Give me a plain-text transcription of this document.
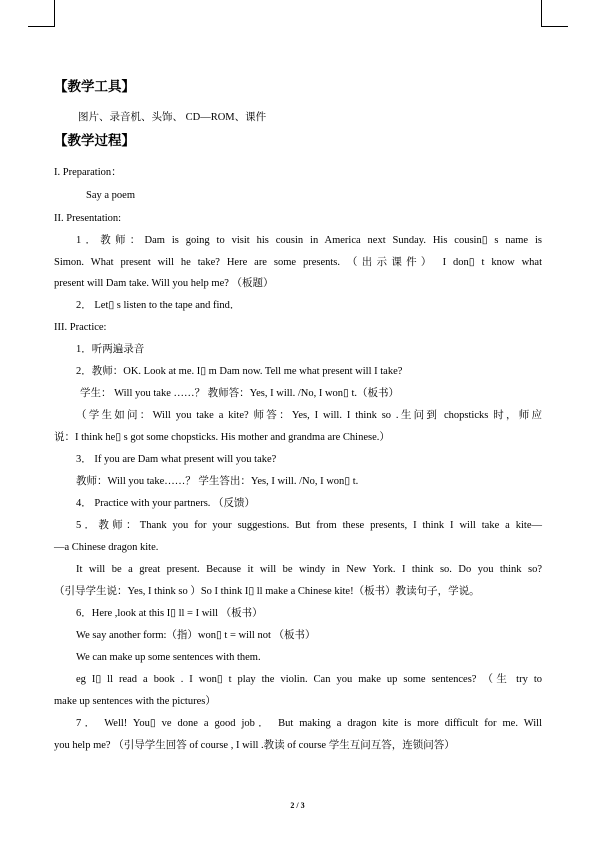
【教学工具】
图片、录音机、头饰、 CD—ROM、课件
【教学过程】
I. Preparation：
Say a poem
II. Presentation:
1．教师：Dam is going to visit his cousin in America next Sunday. His cousin▯ s name is
Simon. What present will he take? Here are some presents. （出示课件） I don▯ t know what
present will Dam take. Will you help me? （板题）
2． Let▯ s listen to the tape and find．
III. Practice:
1．听两遍录音
2．教师：OK. Look at me. I▯ m Dam now. Tell me what present will I take?
学生： Will you take ……？ 教师答：Yes, I will. /No, I won▯ t.（板书）
（学生如问：Will you take a kite? 师答：Yes, I will. I think so .生问到 chopsticks 时，师应
说：I think he▯ s got some chopsticks. His mother and grandma are Chinese.）
3． If you are Dam what present will you take?
教师：Will you take……？ 学生答出：Yes, I will. /No, I won▯ t.
4． Practice with your partners. （反馈）
5．教师：Thank you for your suggestions. But from these presents, I think I will take a kite—
—a Chinese dragon kite.
It will be a great present. Because it will be windy in New York. I think so. Do you think so?
（引导学生说：Yes, I think so ）So I think I▯ ll make a Chinese kite!（板书）教读句子，学说。
6．Here ,look at this I▯ ll = I will （板书）
We say another form:（指）won▯ t = will not （板书）
We can make up some sentences with them.
eg I▯ ll read a book . I won▯ t play the violin. Can you make up some sentences? （生 try to
make up sentences with the pictures）
7． Well! You▯ ve done a good job． But making a dragon kite is more difficult for me. Will
you help me? （引导学生回答 of course , I will .教读 of course 学生互问互答，连锁问答）
2 / 3
